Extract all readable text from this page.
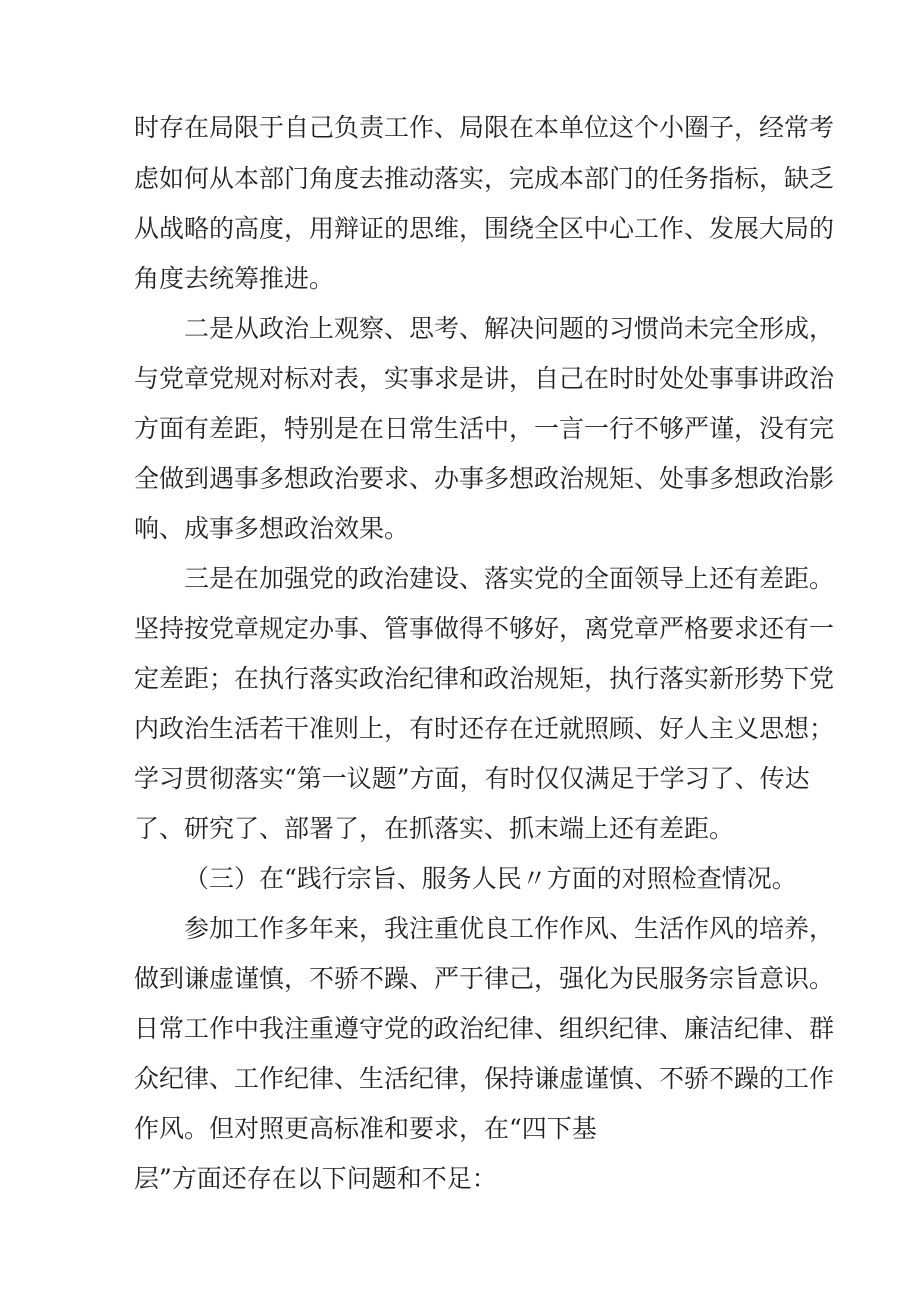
时存在局限于自己负责工作、局限在本单位这个小圈子，经常考
虑如何从本部门角度去推动落实，完成本部门的任务指标，缺乏
从战略的高度，用辩证的思维，围绕全区中心工作、发展大局的
角度去统筹推进。
二是从政治上观察、思考、解决问题的习惯尚未完全形成，
与党章党规对标对表，实事求是讲，自己在时时处处事事讲政治
方面有差距，特别是在日常生活中，一言一行不够严谨，没有完
全做到遇事多想政治要求、办事多想政治规矩、处事多想政治影
响、成事多想政治效果。
三是在加强党的政治建设、落实党的全面领导上还有差距。
坚持按党章规定办事、管事做得不够好，离党章严格要求还有一
定差距；在执行落实政治纪律和政治规矩，执行落实新形势下党
内政治生活若干准则上，有时还存在迁就照顾、好人主义思想；
学习贯彻落实“第一议题”方面，有时仅仅满足于学习了、传达
了、研究了、部署了，在抓落实、抓末端上还有差距。
（三）在“践行宗旨、服务人民〃方面的对照检查情况。
参加工作多年来，我注重优良工作作风、生活作风的培养，
做到谦虚谨慎，不骄不躁、严于律己，强化为民服务宗旨意识。
日常工作中我注重遵守党的政治纪律、组织纪律、廉洁纪律、群
众纪律、工作纪律、生活纪律，保持谦虚谨慎、不骄不躁的工作
作风。但对照更高标准和要求，在“四下基
层”方面还存在以下问题和不足：
